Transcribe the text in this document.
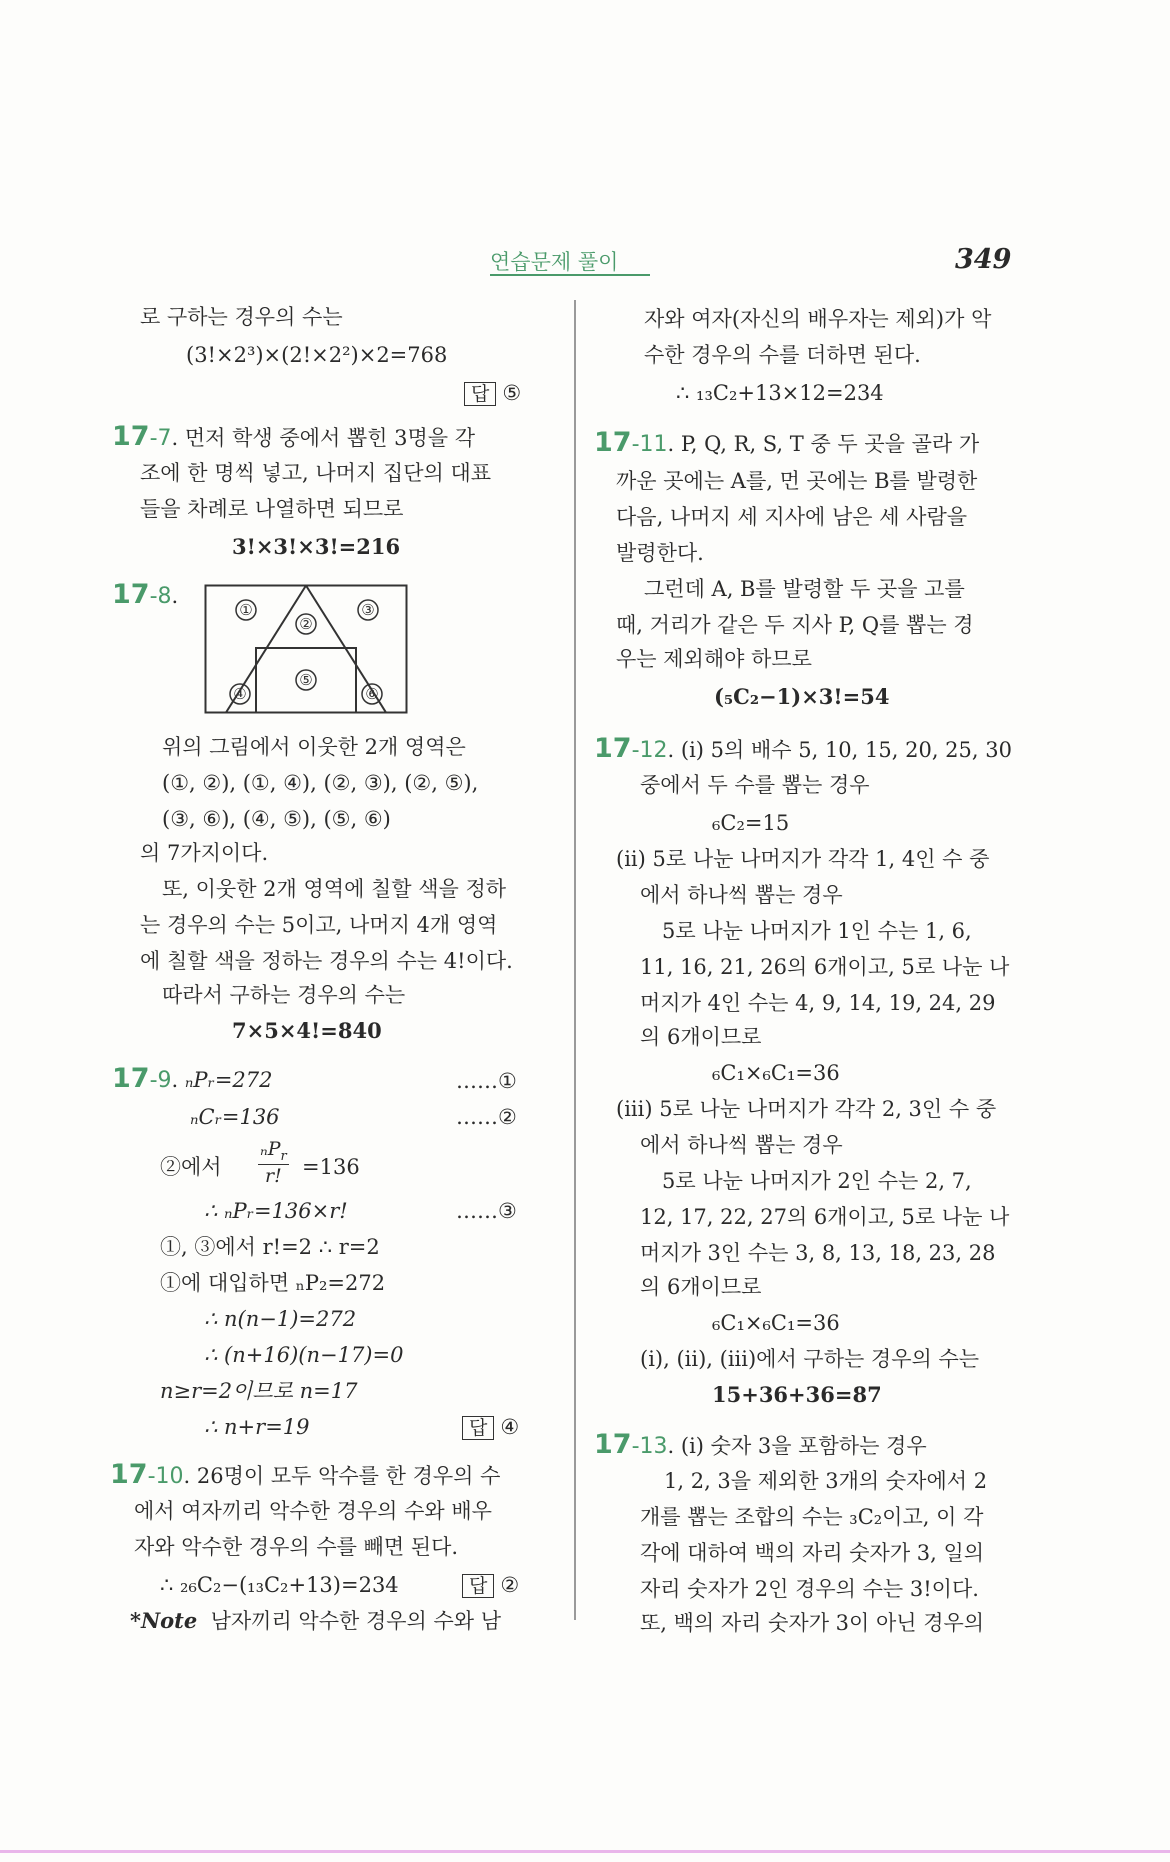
연습문제 풀이	349
로 구하는 경우의 수는
(3!×2³)×(2!×2²)×2=768
답 ⑤
17-7. 먼저 학생 중에서 뽑힌 3명을 각
조에 한 명씩 넣고, 나머지 집단의 대표
들을 차례로 나열하면 되므로
3!×3!×3!=216
17-8.
①
②
③
④
⑤
⑥
위의 그림에서 이웃한 2개 영역은
(①, ②), (①, ④), (②, ③), (②, ⑤),
(③, ⑥), (④, ⑤), (⑤, ⑥)
의 7가지이다.
또, 이웃한 2개 영역에 칠할 색을 정하
는 경우의 수는 5이고, 나머지 4개 영역
에 칠할 색을 정하는 경우의 수는 4!이다.
따라서 구하는 경우의 수는
7×5×4!=840
17-9. ₙPᵣ=272	……①
ₙCᵣ=136	……②
②에서
ₙP$_r$
r! =136
∴ ₙPᵣ=136×r!	……③
①, ③에서 r!=2 ∴ r=2
①에 대입하면 ₙP₂=272
∴ n(n−1)=272
∴ (n+16)(n−17)=0
n≥r=2이므로 n=17
∴ n+r=19	답 ④
17-10. 26명이 모두 악수를 한 경우의 수
에서 여자끼리 악수한 경우의 수와 배우
자와 악수한 경우의 수를 빼면 된다.
∴ ₂₆C₂−(₁₃C₂+13)=234	답 ②
*Note 남자끼리 악수한 경우의 수와 남
자와 여자(자신의 배우자는 제외)가 악
수한 경우의 수를 더하면 된다.
∴ ₁₃C₂+13×12=234
17-11. P, Q, R, S, T 중 두 곳을 골라 가
까운 곳에는 A를, 먼 곳에는 B를 발령한
다음, 나머지 세 지사에 남은 세 사람을
발령한다.
그런데 A, B를 발령할 두 곳을 고를
때, 거리가 같은 두 지사 P, Q를 뽑는 경
우는 제외해야 하므로
(₅C₂−1)×3!=54
17-12. (i) 5의 배수 5, 10, 15, 20, 25, 30
중에서 두 수를 뽑는 경우
₆C₂=15
(ii) 5로 나눈 나머지가 각각 1, 4인 수 중
에서 하나씩 뽑는 경우
5로 나눈 나머지가 1인 수는 1, 6,
11, 16, 21, 26의 6개이고, 5로 나눈 나
머지가 4인 수는 4, 9, 14, 19, 24, 29
의 6개이므로
₆C₁×₆C₁=36
(iii) 5로 나눈 나머지가 각각 2, 3인 수 중
에서 하나씩 뽑는 경우
5로 나눈 나머지가 2인 수는 2, 7,
12, 17, 22, 27의 6개이고, 5로 나눈 나
머지가 3인 수는 3, 8, 13, 18, 23, 28
의 6개이므로
₆C₁×₆C₁=36
(i), (ii), (iii)에서 구하는 경우의 수는
15+36+36=87
17-13. (i) 숫자 3을 포함하는 경우
1, 2, 3을 제외한 3개의 숫자에서 2
개를 뽑는 조합의 수는 ₃C₂이고, 이 각
각에 대하여 백의 자리 숫자가 3, 일의
자리 숫자가 2인 경우의 수는 3!이다.
또, 백의 자리 숫자가 3이 아닌 경우의
